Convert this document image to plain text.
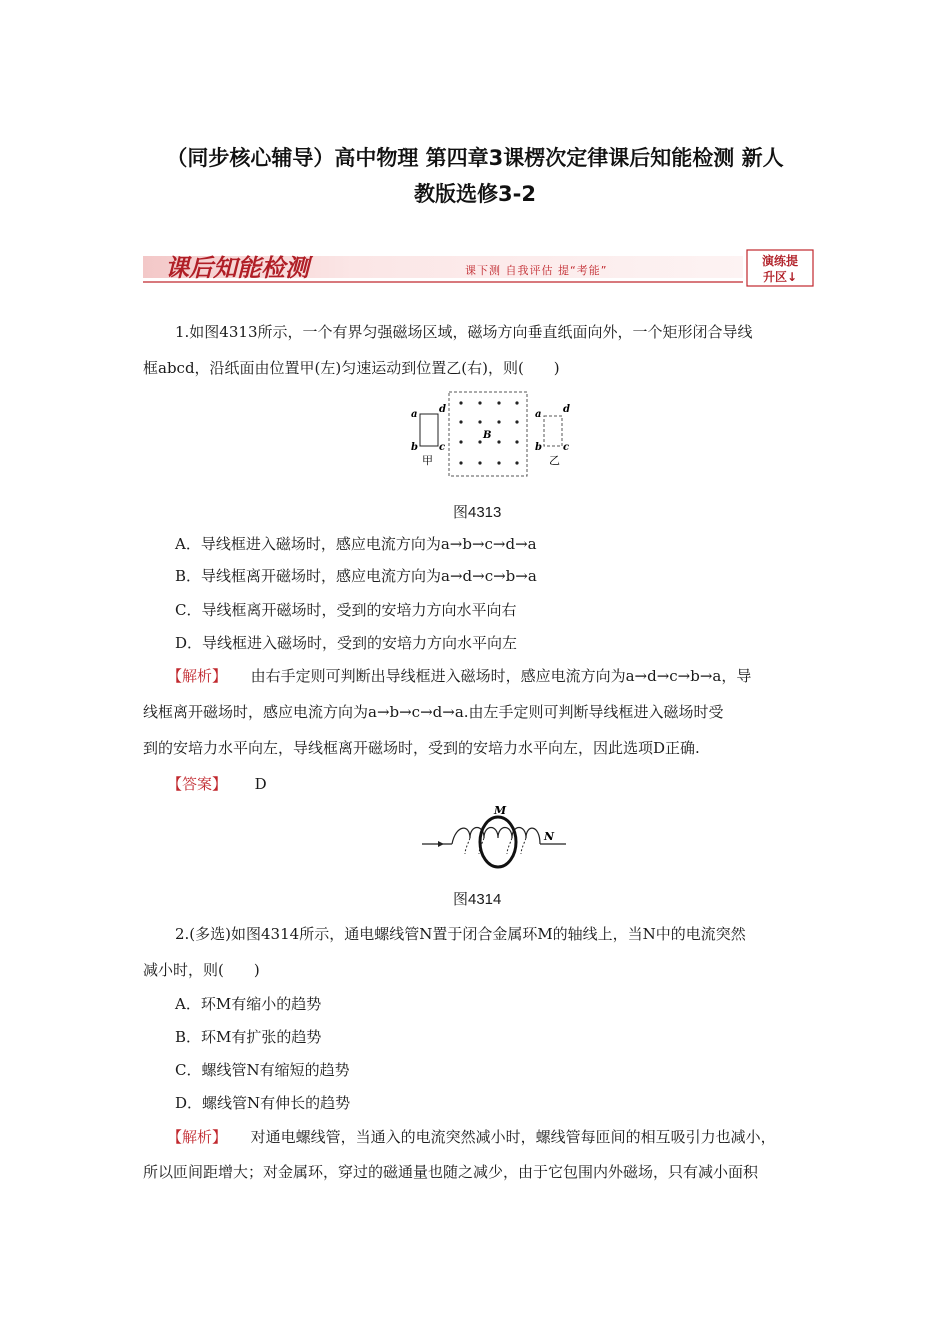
（同步核心辅导）高中物理 第四章3课楞次定律课后知能检测 新人
教版选修3-2
课后知能检测	课下测 自我评估 提“考能”
演练提
升区↓
1.如图4313所示，一个有界匀强磁场区域，磁场方向垂直纸面向外，一个矩形闭合导线
框abcd，沿纸面由位置甲(左)匀速运动到位置乙(右)，则(　　)
a
b
d
c
甲
B
a
b
d
c
乙
图4313
A．导线框进入磁场时，感应电流方向为a→b→c→d→a
B．导线框离开磁场时，感应电流方向为a→d→c→b→a
C．导线框离开磁场时，受到的安培力方向水平向右
D．导线框进入磁场时，受到的安培力方向水平向左
【解析】 由右手定则可判断出导线框进入磁场时，感应电流方向为a→d→c→b→a，导
线框离开磁场时，感应电流方向为a→b→c→d→a.由左手定则可判断导线框进入磁场时受
到的安培力水平向左，导线框离开磁场时，受到的安培力水平向左，因此选项D正确.
【答案】 D
M
N
图4314
2.(多选)如图4314所示，通电螺线管N置于闭合金属环M的轴线上，当N中的电流突然
减小时，则(　　)
A．环M有缩小的趋势
B．环M有扩张的趋势
C．螺线管N有缩短的趋势
D．螺线管N有伸长的趋势
【解析】 对通电螺线管，当通入的电流突然减小时，螺线管每匝间的相互吸引力也减小，
所以匝间距增大；对金属环，穿过的磁通量也随之减少，由于它包围内外磁场，只有减小面积
